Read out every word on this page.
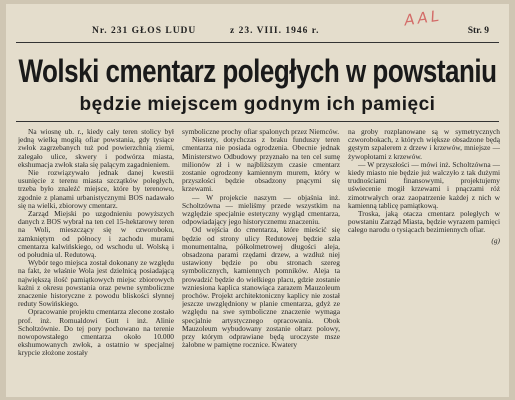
AAL
Nr. 231 GŁOS LUDU	z 23. VIII. 1946 r.	Str. 9
Wolski cmentarz poległych w powstaniu
będzie miejscem godnym ich pamięci

Na wiosnę ub. r., kiedy cały teren stolicy był jedną wielką mogiłą ofiar powstania, gdy tysiące zwłok zagrzebanych tuż pod powierzchnią ziemi, zalegało ulice, skwery i podwórza miasta, ekshumacja zwłok stała się palącym zagadnieniem.

Nie rozwiązywało jednak danej kwestii usunięcie z terenu miasta szczątków poległych, trzeba było znaleźć miejsce, które by terenowo, zgodnie z planami urbanistycznymi BOS nadawało się na wielki, zbiorowy cmentarz.

Zarząd Miejski po uzgodnieniu powyższych danych z BOS wybrał na ten cel 15-hektarowy teren na Woli, mieszczący się w czworoboku, zamkniętym od północy i zachodu murami cmentarza kalwińskiego, od wschodu ul. Wolską i od południa ul. Redutową.

Wybór tego miejsca został dokonany ze względu na fakt, że właśnie Wola jest dzielnicą posiadającą największą ilość pamiątkowych miejsc zbiorowych kaźni z okresu powstania oraz pewne symboliczne znaczenie historyczne z powodu bliskości słynnej reduty Sowińskiego.

Opracowanie projektu cmentarza zlecone zostało prof. inż. Romualdowi Gutt i inż. Alinie Scholtzównie. Do tej pory pochowano na terenie nowopowstałego cmentarza około 10.000 ekshumowanych zwłok, a ostatnio w specjalnej krypcie złożone zostały

symboliczne prochy ofiar spalonych przez Niemców.

Niestety, dotychczas z braku funduszy teren cmentarza nie posiada ogrodzenia. Obecnie jednak Ministerstwo Odbudowy przyznało na ten cel sumę milionów zł i w najbliższym czasie cmentarz zostanie ogrodzony kamiennym murem, który w przyszłości będzie obsadzony pnącymi się krzewami.

— W projekcie naszym — objaśnia inż. Scholtzówna — mieliśmy przede wszystkim na względzie specjalnie estetyczny wygląd cmentarza, odpowiadający jego historycznemu znaczeniu.

Od wejścia do cmentarza, które mieścić się będzie od strony ulicy Redutowej będzie szła monumentalna, półkolmetrowej długości aleja, obsadzona parami rzędami drzew, a wzdłuż niej ustawiony będzie po obu stronach szereg symbolicznych, kamiennych pomników. Aleja ta prowadzić będzie do wielkiego placu, gdzie zostanie wzniesiona kaplica stanowiąca zarazem Mauzoleum prochów. Projekt architektoniczny kaplicy nie został jeszcze uwzględniony w planie cmentarza, gdyż ze względu na swe symboliczne znaczenie wymaga specjalnie artystycznego opracowania. Obok Mauzoleum wybudowany zostanie ołtarz polowy, przy którym odprawiane będą uroczyste msze żałobne w pamiętne rocznice. Kwatery

na groby rozplanowane są w symetrycznych czworobokach, z których większe obsadzone będą gęstym szpalerem z drzew i krzewów, mniejsze — żywopłotami z krzewów.

— W przyszłości — mówi inż. Scholtzówna — kiedy miasto nie będzie już walczyło z tak dużymi trudnościami finansowymi, projektujemy uświecenie mogił krzewami i pnączami róż zimotrwałych oraz zaopatrzenie każdej z nich w kamienną tablicę pamiątkową.

Troska, jaką otacza cmentarz poległych w powstaniu Zarząd Miasta, będzie wyrazem pamięci całego narodu o tysiącach bezimiennych ofiar.

(g)
